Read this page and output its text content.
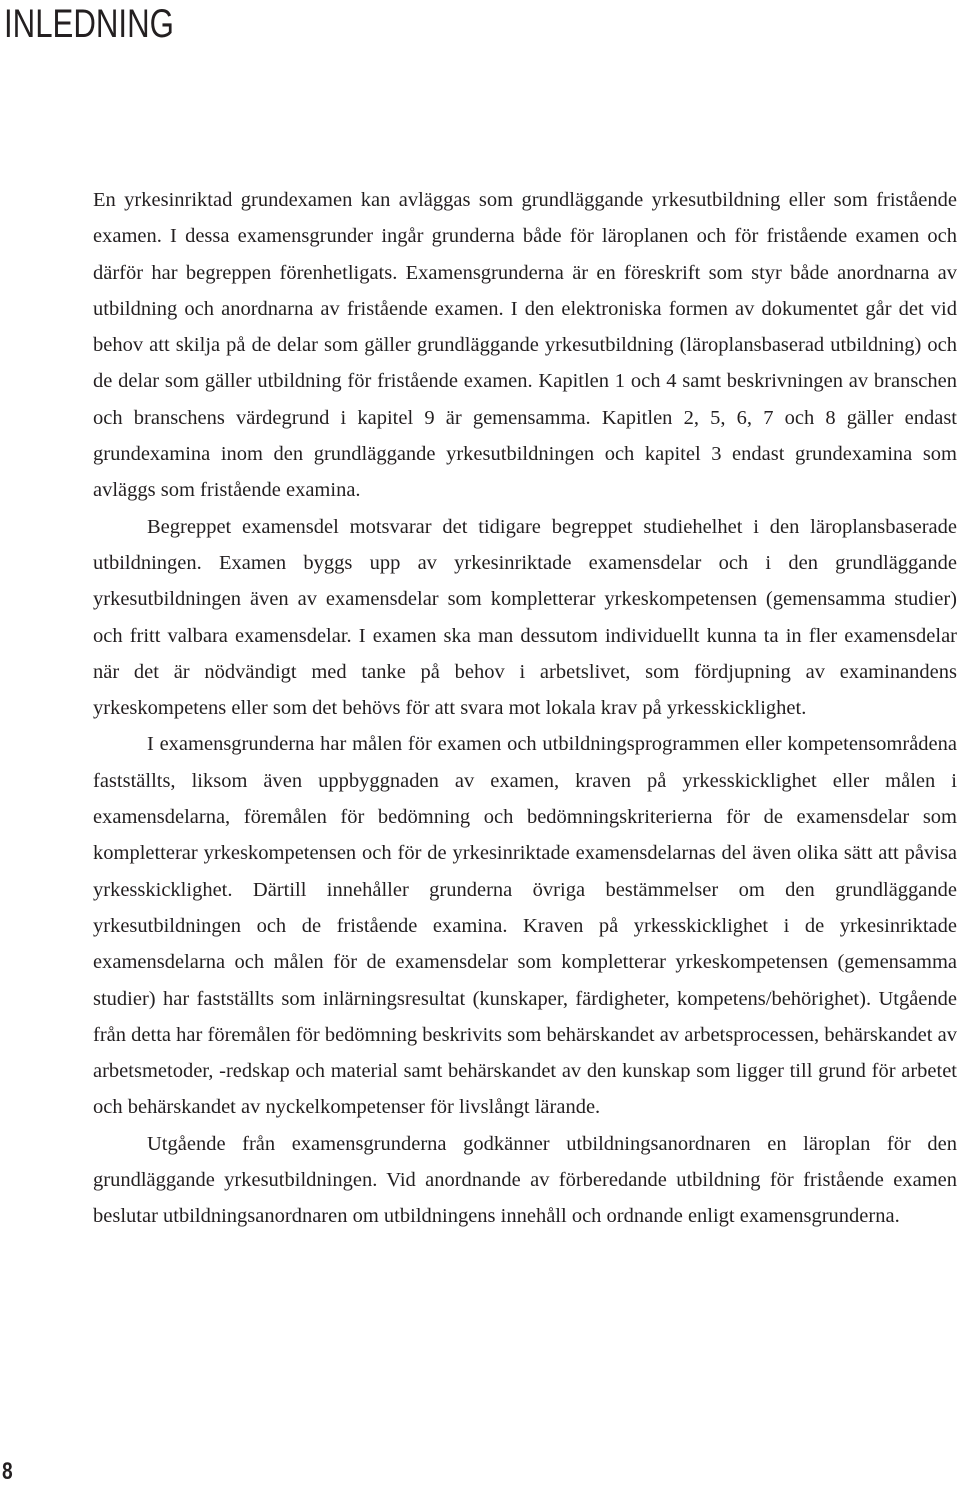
INLEDNING

En yrkesinriktad grundexamen kan avläggas som grundläggande yrkesutbildning eller som fristående examen. I dessa examensgrunder ingår grunderna både för läroplanen och för fristående examen och därför har begreppen förenhetligats. Examensgrunderna är en föreskrift som styr både anordnarna av utbildning och anordnarna av fristående examen. I den elektroniska formen av dokumentet går det vid behov att skilja på de delar som gäller grundläggande yrkesutbildning (läroplansbaserad utbildning) och de delar som gäller utbildning för fristående examen. Kapitlen 1 och 4 samt beskrivningen av branschen och branschens värdegrund i kapitel 9 är gemensamma. Kapitlen 2, 5, 6, 7 och 8 gäller endast grundexamina inom den grundläggande yrkesutbildningen och kapitel 3 endast grundexamina som avläggs som fristående examina.

Begreppet examensdel motsvarar det tidigare begreppet studiehelhet i den läroplansbaserade utbildningen. Examen byggs upp av yrkesinriktade examensdelar och i den grundläggande yrkesutbildningen även av examensdelar som kompletterar yrkeskompetensen (gemensamma studier) och fritt valbara examensdelar. I examen ska man dessutom individuellt kunna ta in fler examensdelar när det är nödvändigt med tanke på behov i arbetslivet, som fördjupning av examinandens yrkeskompetens eller som det behövs för att svara mot lokala krav på yrkesskicklighet.

I examensgrunderna har målen för examen och utbildningsprogrammen eller kompetensområdena fastställts, liksom även uppbyggnaden av examen, kraven på yrkesskicklighet eller målen i examensdelarna, föremålen för bedömning och bedömningskriterierna för de examensdelar som kompletterar yrkeskompetensen och för de yrkesinriktade examensdelarnas del även olika sätt att påvisa yrkesskicklighet. Därtill innehåller grunderna övriga bestämmelser om den grundläggande yrkesutbildningen och de fristående examina. Kraven på yrkesskicklighet i de yrkesinriktade examensdelarna och målen för de examensdelar som kompletterar yrkeskompetensen (gemensamma studier) har fastställts som inlärningsresultat (kunskaper, färdigheter, kompetens/behörighet). Utgående från detta har föremålen för bedömning beskrivits som behärskandet av arbetsprocessen, behärskandet av arbetsmetoder, -redskap och material samt behärskandet av den kunskap som ligger till grund för arbetet och behärskandet av nyckelkompetenser för livslångt lärande.

Utgående från examensgrunderna godkänner utbildningsanordnaren en läroplan för den grundläggande yrkesutbildningen. Vid anordnande av förberedande utbildning för fristående examen beslutar utbildningsanordnaren om utbildningens innehåll och ordnande enligt examensgrunderna.

8
